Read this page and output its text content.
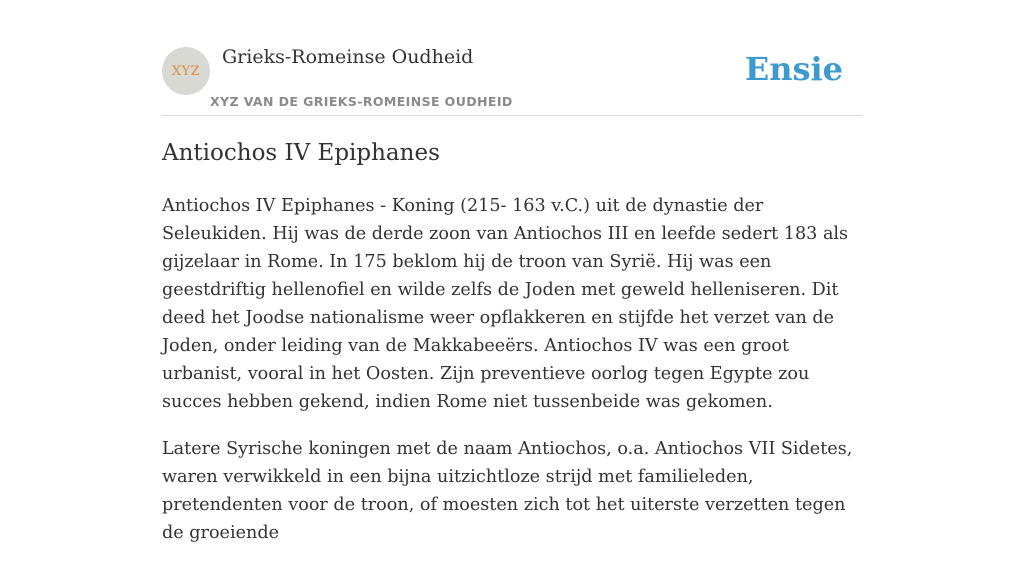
XYZ
Grieks-Romeinse Oudheid
XYZ VAN DE GRIEKS-ROMEINSE OUDHEID
Ensie
Antiochos IV Epiphanes

Antiochos IV Epiphanes - Koning (215- 163 v.C.) uit de dynastie der Seleukiden. Hij was de derde zoon van Antiochos III en leefde sedert 183 als gijzelaar in Rome. In 175 beklom hij de troon van Syrië. Hij was een geestdriftig hellenofiel en wilde zelfs de Joden met geweld helleniseren. Dit deed het Joodse nationalisme weer opflakkeren en stijfde het verzet van de Joden, onder leiding van de Makkabeeërs. Antiochos IV was een groot urbanist, vooral in het Oosten. Zijn preventieve oorlog tegen Egypte zou succes hebben gekend, indien Rome niet tussenbeide was gekomen.

Latere Syrische koningen met de naam Antiochos, o.a. Antiochos VII Sidetes, waren verwikkeld in een bijna uitzichtloze strijd met familieleden, pretendenten voor de troon, of moesten zich tot het uiterste verzetten tegen de groeiende
